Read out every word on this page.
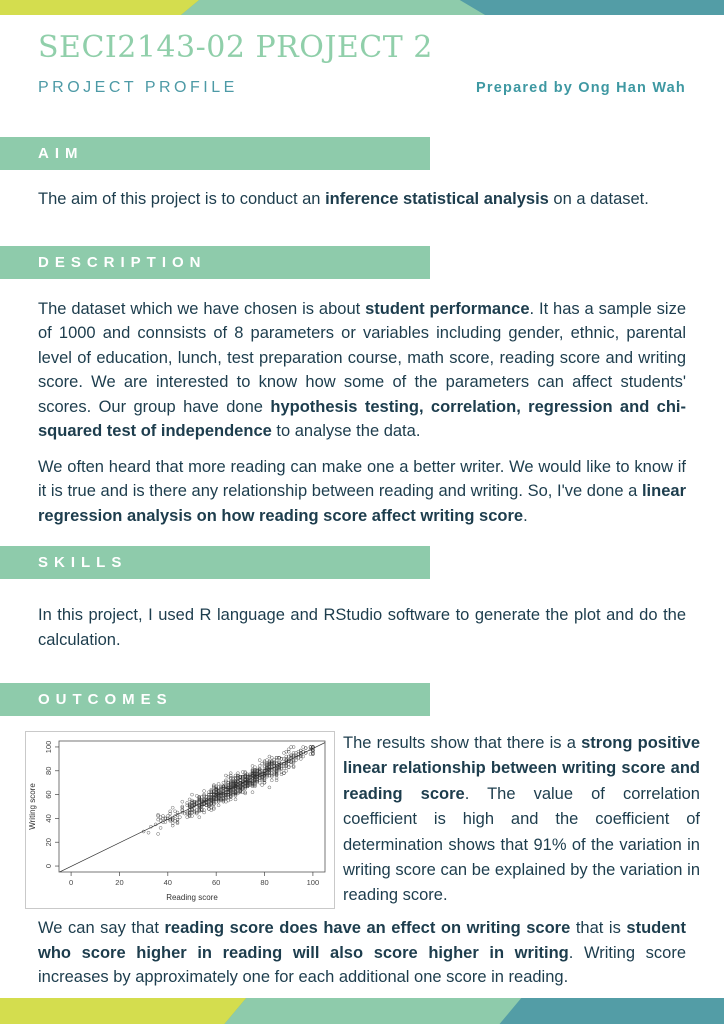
SECI2143-02 PROJECT 2
PROJECT PROFILE	Prepared by Ong Han Wah
AIM

The aim of this project is to conduct an inference statistical analysis on a dataset.

DESCRIPTION

The dataset which we have chosen is about student performance. It has a sample size of 1000 and connsists of 8 parameters or variables including gender, ethnic, parental level of education, lunch, test preparation course, math score, reading score and writing score. We are interested to know how some of the parameters can affect students' scores. Our group have done hypothesis testing, correlation, regression and chi-squared test of independence to analyse the data.

We often heard that more reading can make one a better writer. We would like to know if it is true and is there any relationship between reading and writing. So, I've done a linear regression analysis on how reading score affect writing score.

SKILLS

In this project, I used R language and RStudio software to generate the plot and do the calculation.

OUTCOMES
0	20	40	60	80	100
0
20
40
60
80
100
Reading score
Writing score

The results show that there is a strong positive linear relationship between writing score and reading score. The value of correlation coefficient is high and the coefficient of determination shows that 91% of the variation in writing score can be explained by the variation in reading score.

We can say that reading score does have an effect on writing score that is student who score higher in reading will also score higher in writing. Writing score increases by approximately one for each additional one score in reading.
